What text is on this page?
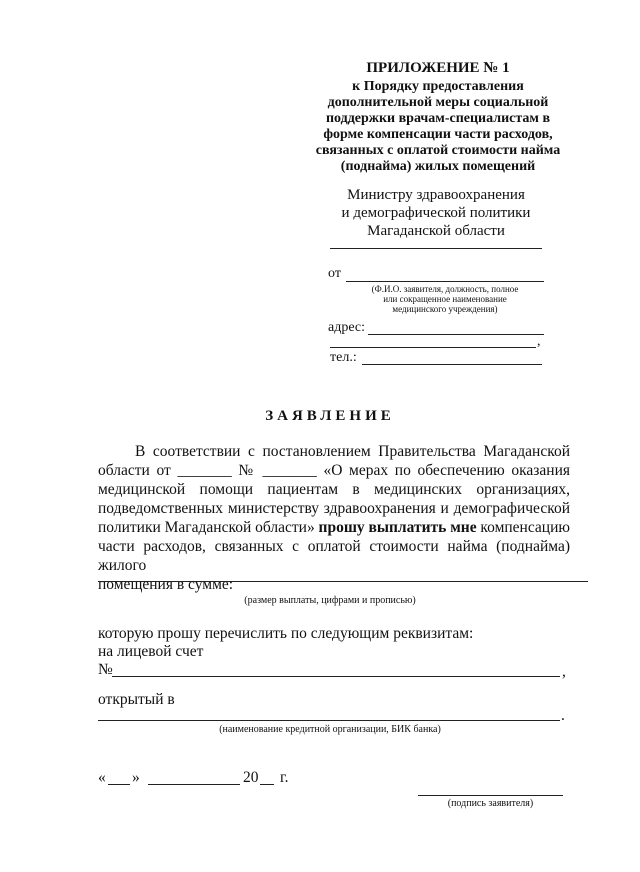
ПРИЛОЖЕНИЕ № 1
к Порядку предоставления
дополнительной меры социальной
поддержки врачам-специалистам в
форме компенсации части расходов,
связанных с оплатой стоимости найма
(поднайма) жилых помещений
Министру здравоохранения
и демографической политики
Магаданской области
от
(Ф.И.О. заявителя, должность, полное
или сокращенное наименование
медицинского учреждения)
адрес:
,
тел.:
ЗАЯВЛЕНИЕ
В соответствии с постановлением Правительства Магаданской
области от _______ № _______ «О мерах по обеспечению оказания
медицинской помощи пациентам в медицинских организациях,
подведомственных министерству здравоохранения и демографической
политики Магаданской области» прошу выплатить мне компенсацию
части расходов, связанных с оплатой стоимости найма (поднайма) жилого
помещения в сумме:
(размер выплаты, цифрами и прописью)
которую прошу перечислить по следующим реквизитам:
на лицевой счет
№	,
открытый в
.
(наименование кредитной организации, БИК банка)
« »	20 г.
(подпись заявителя)
